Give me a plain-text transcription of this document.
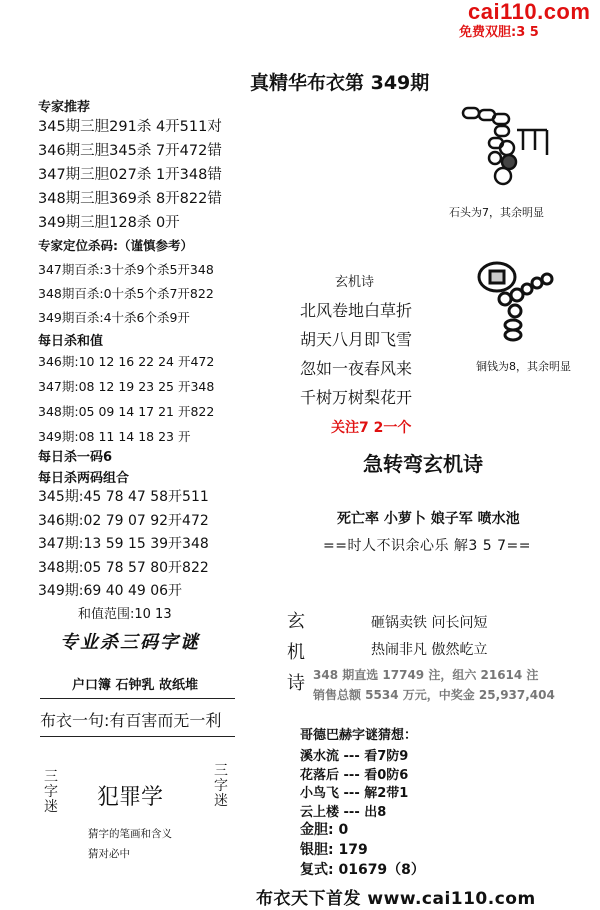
cai110.com
免费双胆:3 5
真精华布衣第 349期
专家推荐
345期三胆291杀 4开511对
346期三胆345杀 7开472错
347期三胆027杀 1开348错
348期三胆369杀 8开822错
349期三胆128杀 0开
专家定位杀码:（谨慎参考）
347期百杀:3十杀9个杀5开348
348期百杀:0十杀5个杀7开822
349期百杀:4十杀6个杀9开
每日杀和值
346期:10 12 16 22 24 开472
347期:08 12 19 23 25 开348
348期:05 09 14 17 21 开822
349期:08 11 14 18 23 开
每日杀一码6
每日杀两码组合
345期:45 78 47 58开511
346期:02 79 07 92开472
347期:13 59 15 39开348
348期:05 78 57 80开822
349期:69 40 49 06开
和值范围:10 13
专业杀三码字谜
户口簿 石钟乳 故纸堆
布衣一句:有百害而无一利
三
字
迷
三
字
迷
犯罪学
猜字的笔画和含义
猜对必中
石头为7，其余明显
铜钱为8，其余明显
玄机诗
北风卷地白草折
胡天八月即飞雪
忽如一夜春风来
千树万树梨花开
关注7 2一个
急转弯玄机诗
死亡率 小萝卜 娘子军 喷水池
==时人不识余心乐 解3 5 7==
玄
机
诗
砸锅卖铁 问长问短
热闹非凡 傲然屹立
348 期直选 17749 注，组六 21614 注
销售总额 5534 万元，中奖金 25,937,404
哥德巴赫字谜猜想：
溪水流 --- 看7防9
花落后 --- 看0防6
小鸟飞 --- 解2带1
云上楼 --- 出8
金胆: 0
银胆: 179
复式: 01679（8）
布衣天下首发 www.cai110.com
